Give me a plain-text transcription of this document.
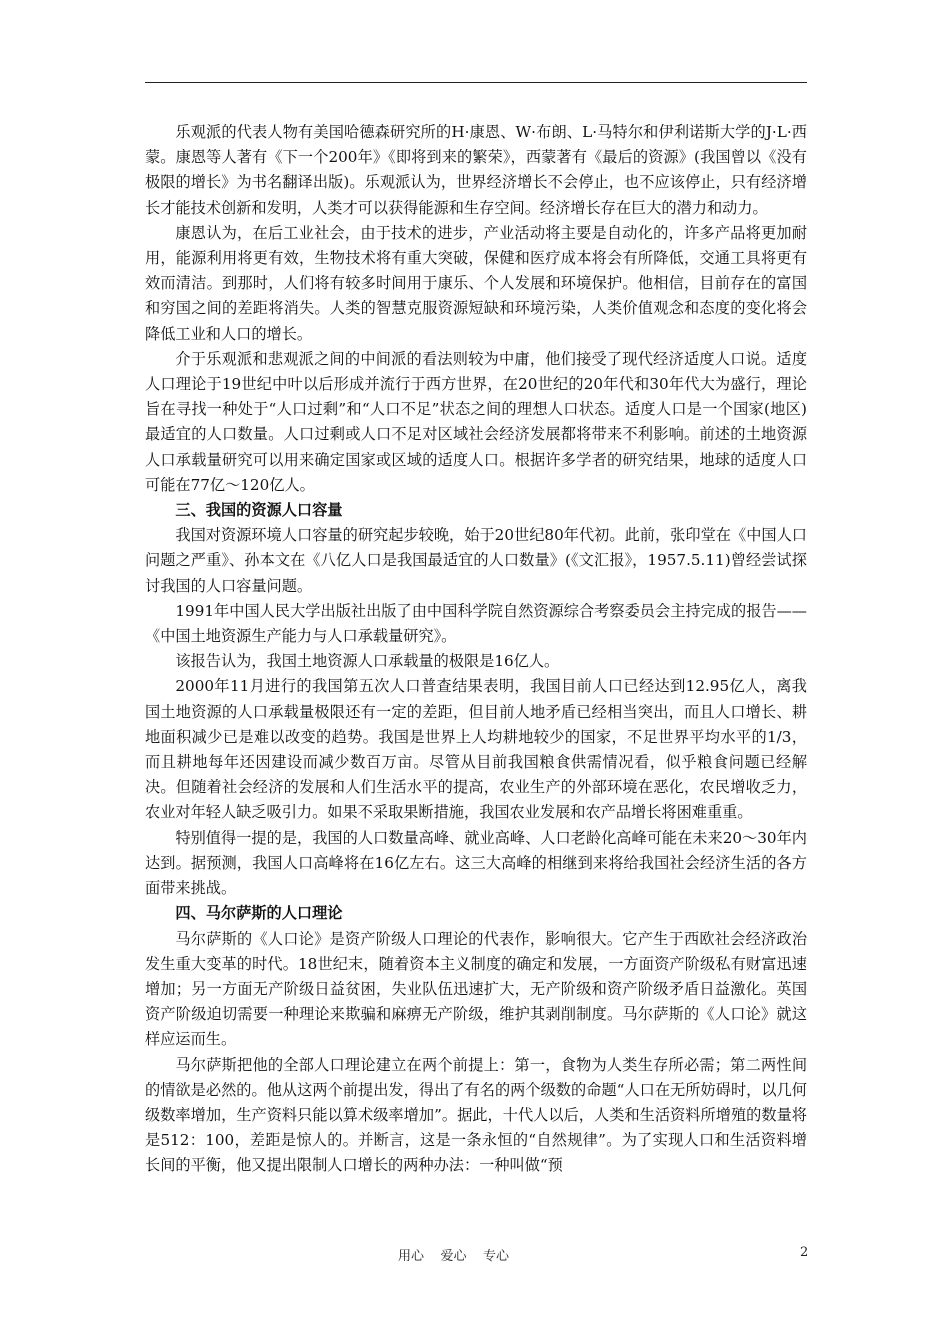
乐观派的代表人物有美国哈德森研究所的H·康恩、W·布朗、L·马特尔和伊利诺斯大学的J·L·西蒙。康恩等人著有《下一个200年》《即将到来的繁荣》，西蒙著有《最后的资源》(我国曾以《没有极限的增长》为书名翻译出版)。乐观派认为，世界经济增长不会停止，也不应该停止，只有经济增长才能技术创新和发明，人类才可以获得能源和生存空间。经济增长存在巨大的潜力和动力。

康恩认为，在后工业社会，由于技术的进步，产业活动将主要是自动化的，许多产品将更加耐用，能源利用将更有效，生物技术将有重大突破，保健和医疗成本将会有所降低，交通工具将更有效而清洁。到那时，人们将有较多时间用于康乐、个人发展和环境保护。他相信，目前存在的富国和穷国之间的差距将消失。人类的智慧克服资源短缺和环境污染，人类价值观念和态度的变化将会降低工业和人口的增长。

介于乐观派和悲观派之间的中间派的看法则较为中庸，他们接受了现代经济适度人口说。适度人口理论于19世纪中叶以后形成并流行于西方世界，在20世纪的20年代和30年代大为盛行，理论旨在寻找一种处于“人口过剩”和“人口不足”状态之间的理想人口状态。适度人口是一个国家(地区)最适宜的人口数量。人口过剩或人口不足对区域社会经济发展都将带来不利影响。前述的土地资源人口承载量研究可以用来确定国家或区域的适度人口。根据许多学者的研究结果，地球的适度人口可能在77亿～120亿人。

三、我国的资源人口容量

我国对资源环境人口容量的研究起步较晚，始于20世纪80年代初。此前，张印堂在《中国人口问题之严重》、孙本文在《八亿人口是我国最适宜的人口数量》(《文汇报》，1957.5.11)曾经尝试探讨我国的人口容量问题。

1991年中国人民大学出版社出版了由中国科学院自然资源综合考察委员会主持完成的报告——《中国土地资源生产能力与人口承载量研究》。

该报告认为，我国土地资源人口承载量的极限是16亿人。

2000年11月进行的我国第五次人口普查结果表明，我国目前人口已经达到12.95亿人，离我国土地资源的人口承载量极限还有一定的差距，但目前人地矛盾已经相当突出，而且人口增长、耕地面积减少已是难以改变的趋势。我国是世界上人均耕地较少的国家，不足世界平均水平的1/3，而且耕地每年还因建设而减少数百万亩。尽管从目前我国粮食供需情况看，似乎粮食问题已经解决。但随着社会经济的发展和人们生活水平的提高，农业生产的外部环境在恶化，农民增收乏力，农业对年轻人缺乏吸引力。如果不采取果断措施，我国农业发展和农产品增长将困难重重。

特别值得一提的是，我国的人口数量高峰、就业高峰、人口老龄化高峰可能在未来20～30年内达到。据预测，我国人口高峰将在16亿左右。这三大高峰的相继到来将给我国社会经济生活的各方面带来挑战。

四、马尔萨斯的人口理论

马尔萨斯的《人口论》是资产阶级人口理论的代表作，影响很大。它产生于西欧社会经济政治发生重大变革的时代。18世纪末，随着资本主义制度的确定和发展，一方面资产阶级私有财富迅速增加；另一方面无产阶级日益贫困，失业队伍迅速扩大，无产阶级和资产阶级矛盾日益激化。英国资产阶级迫切需要一种理论来欺骗和麻痹无产阶级，维护其剥削制度。马尔萨斯的《人口论》就这样应运而生。

马尔萨斯把他的全部人口理论建立在两个前提上：第一，食物为人类生存所必需；第二两性间的情欲是必然的。他从这两个前提出发，得出了有名的两个级数的命题“人口在无所妨碍时，以几何级数率增加，生产资料只能以算术级率增加”。据此，十代人以后，人类和生活资料所增殖的数量将是512：100，差距是惊人的。并断言，这是一条永恒的“自然规律”。为了实现人口和生活资料增长间的平衡，他又提出限制人口增长的两种办法：一种叫做“预

用心    爱心    专心	2
